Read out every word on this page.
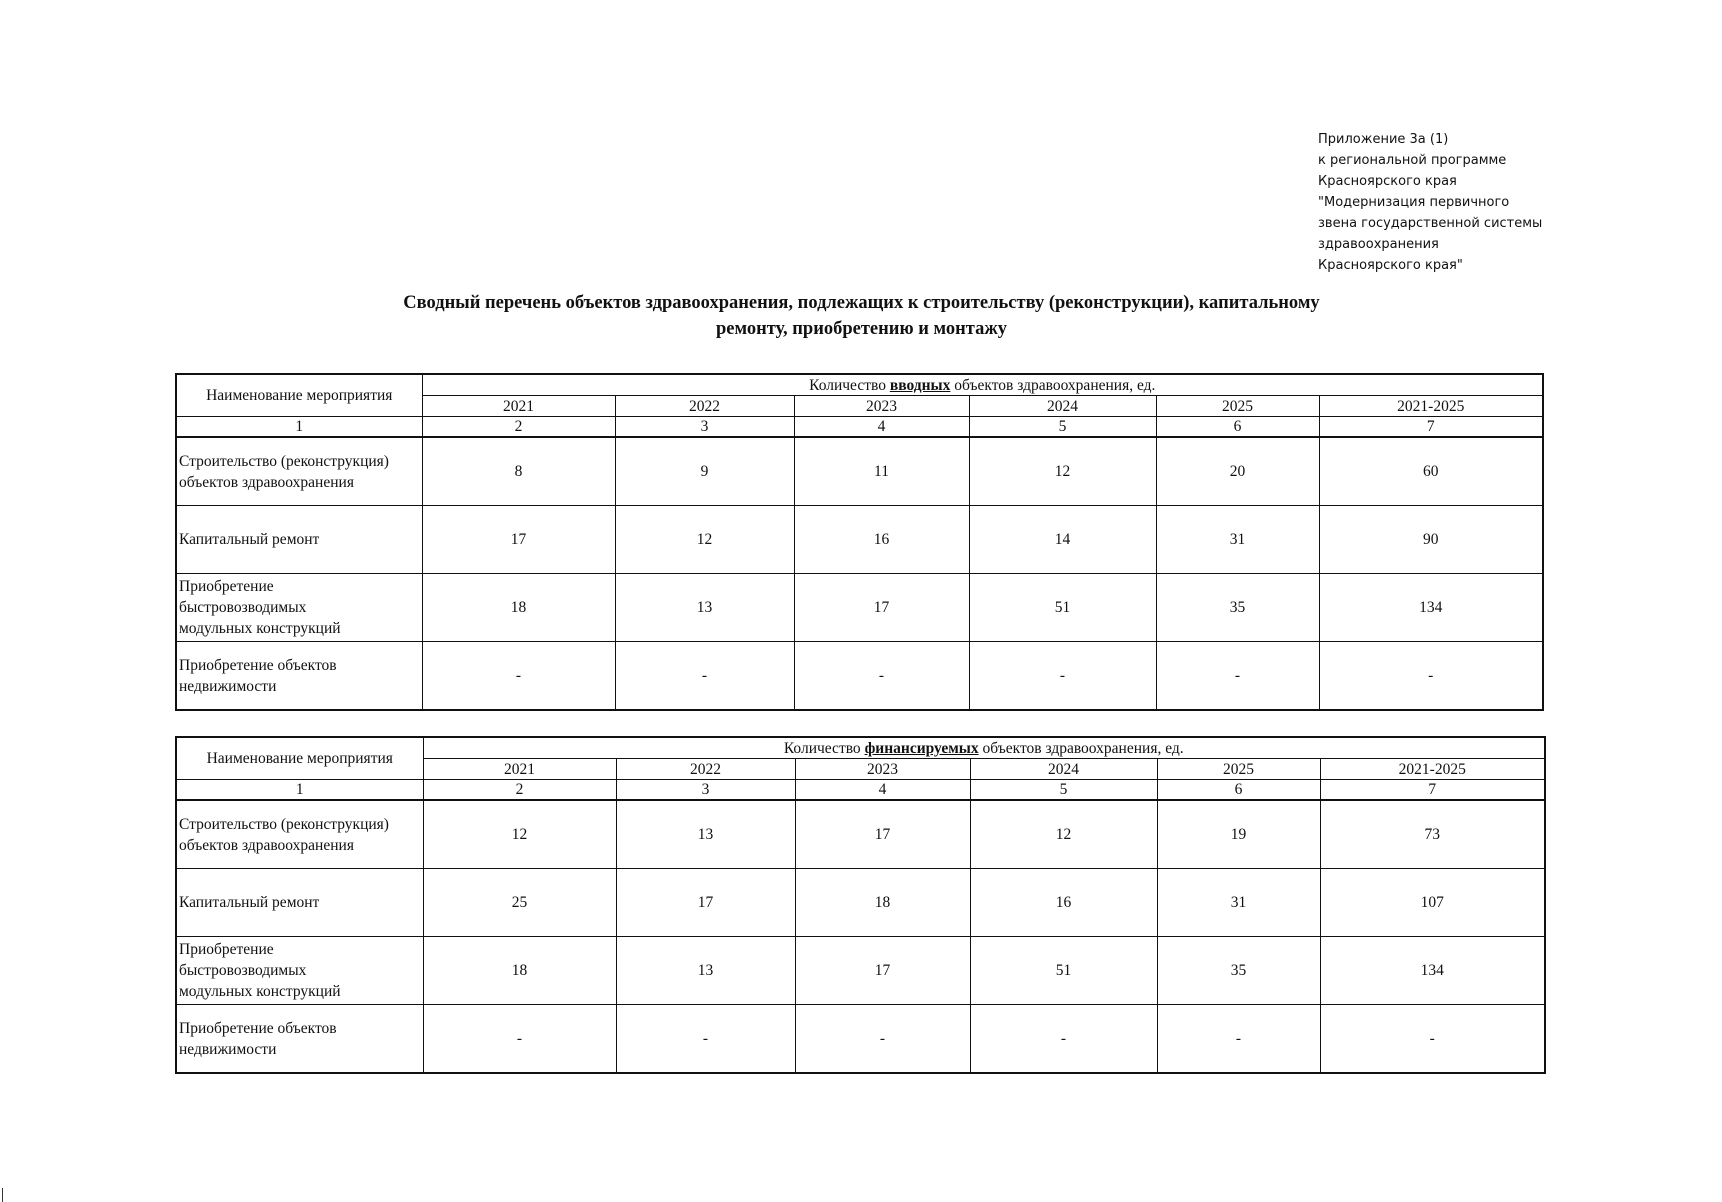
Приложение 3а (1)
к региональной программе
Красноярского края
"Модернизация первичного
звена государственной системы
здравоохранения
Красноярского края"
Сводный перечень объектов здравоохранения, подлежащих к строительству (реконструкции), капитальному
ремонту, приобретению и монтажу
Наименование мероприятия	Количество вводных объектов здравоохранения, ед.					
	2021	2022	2023	2024	2025	2021-2025
1	2	3	4	5	6	7

Строительство (реконструкция)
объектов здравоохранения	8	9	11	12	20	60

Капитальный ремонт	17	12	16	14	31	90

Приобретение
быстровозводимых
модульных конструкций	18	13	17	51	35	134

Приобретение объектов
недвижимости	-	-	-	-	-	-
Наименование мероприятия	Количество финансируемых объектов здравоохранения, ед.					
	2021	2022	2023	2024	2025	2021-2025
1	2	3	4	5	6	7

Строительство (реконструкция)
объектов здравоохранения	12	13	17	12	19	73

Капитальный ремонт	25	17	18	16	31	107

Приобретение
быстровозводимых
модульных конструкций	18	13	17	51	35	134

Приобретение объектов
недвижимости	-	-	-	-	-	-
